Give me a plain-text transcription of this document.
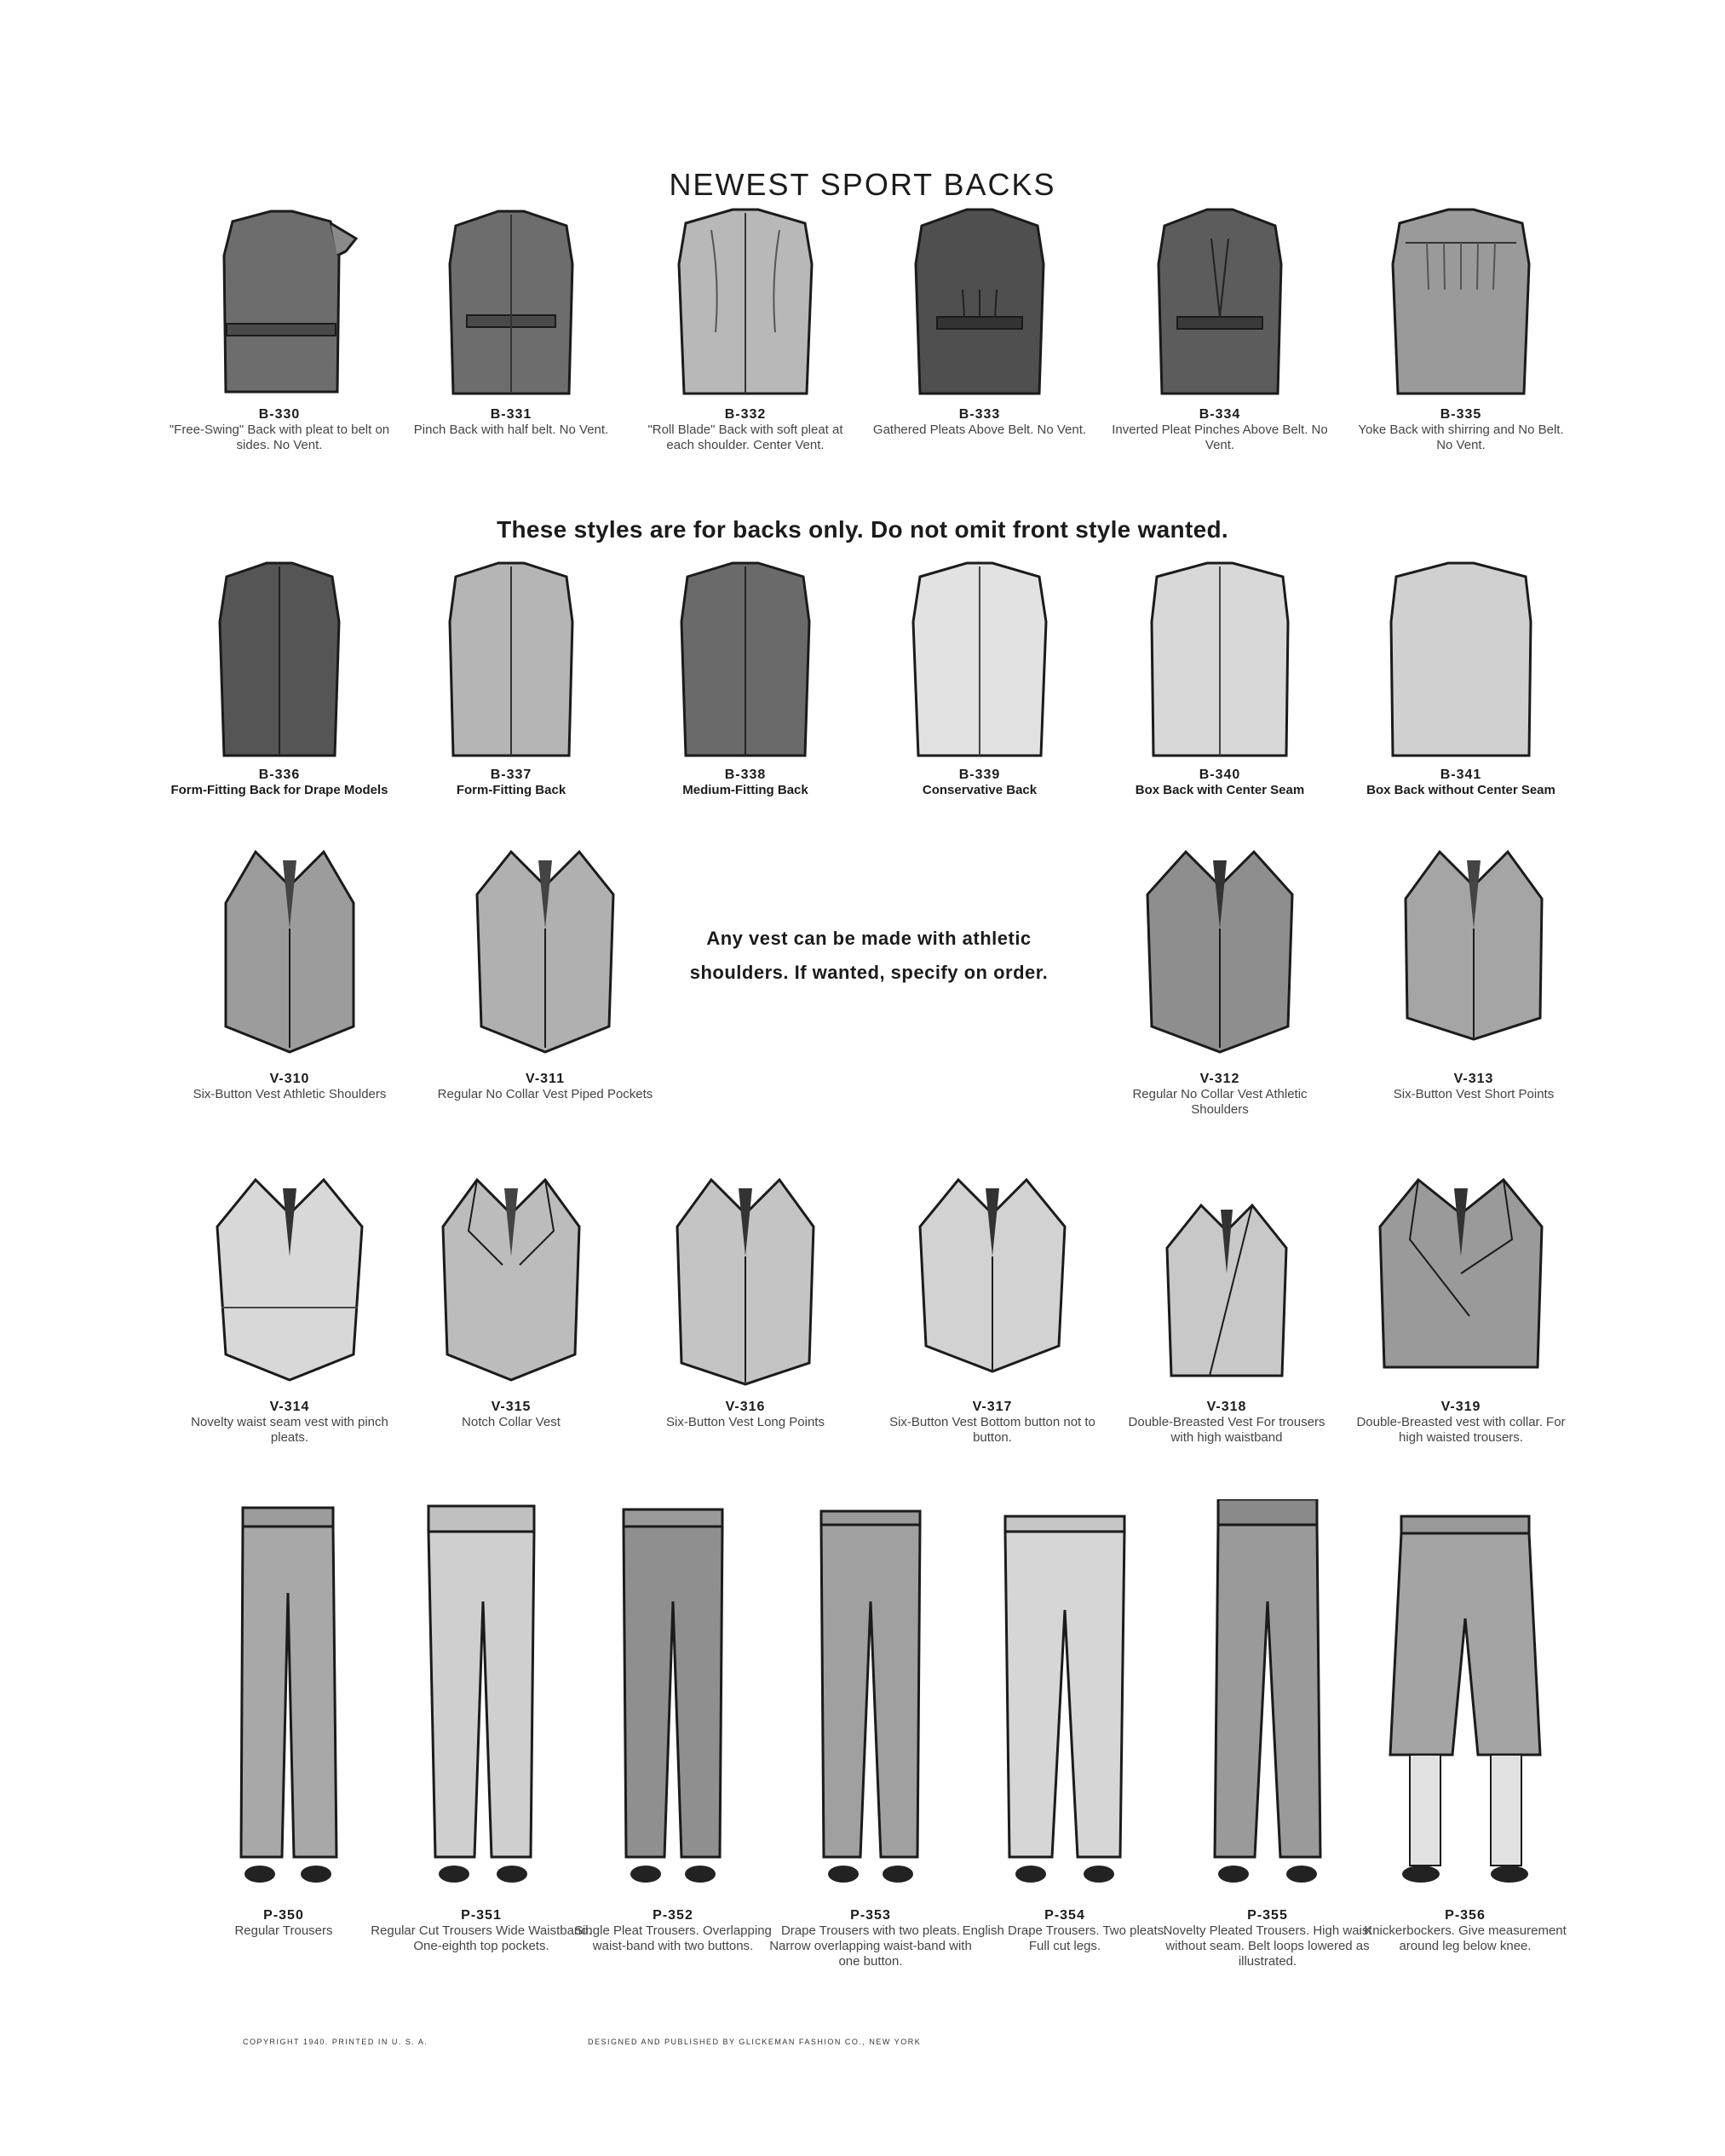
NEWEST SPORT BACKS
B-330
"Free-Swing" Back with pleat to belt on sides. No Vent.
B-331
Pinch Back with half belt. No Vent.
B-332
"Roll Blade" Back with soft pleat at each shoulder. Center Vent.
B-333
Gathered Pleats Above Belt. No Vent.
B-334
Inverted Pleat Pinches Above Belt. No Vent.
B-335
Yoke Back with shirring and No Belt. No Vent.
These styles are for backs only. Do not omit front style wanted.
B-336
Form-Fitting Back for Drape Models
B-337
Form-Fitting Back
B-338
Medium-Fitting Back
B-339
Conservative Back
B-340
Box Back with Center Seam
B-341
Box Back without Center Seam
V-310
Six-Button Vest Athletic Shoulders
V-311
Regular No Collar Vest Piped Pockets
V-312
Regular No Collar Vest Athletic Shoulders
V-313
Six-Button Vest Short Points
Any vest can be made with athletic shoulders. If wanted, specify on order.
V-314
Novelty waist seam vest with pinch pleats.
V-315
Notch Collar Vest
V-316
Six-Button Vest Long Points
V-317
Six-Button Vest Bottom button not to button.
V-318
Double-Breasted Vest For trousers with high waistband
V-319
Double-Breasted vest with collar. For high waisted trousers.
P-350
Regular Trousers
P-351
Regular Cut Trousers Wide Waistband. One-eighth top pockets.
P-352
Single Pleat Trousers. Overlapping waist-band with two buttons.
P-353
Drape Trousers with two pleats. Narrow overlapping waist-band with one button.
P-354
English Drape Trousers. Two pleats. Full cut legs.
P-355
Novelty Pleated Trousers. High waist without seam. Belt loops lowered as illustrated.
P-356
Knickerbockers. Give measurement around leg below knee.
COPYRIGHT 1940. PRINTED IN U. S. A.	DESIGNED AND PUBLISHED BY GLICKEMAN FASHION CO., NEW YORK
